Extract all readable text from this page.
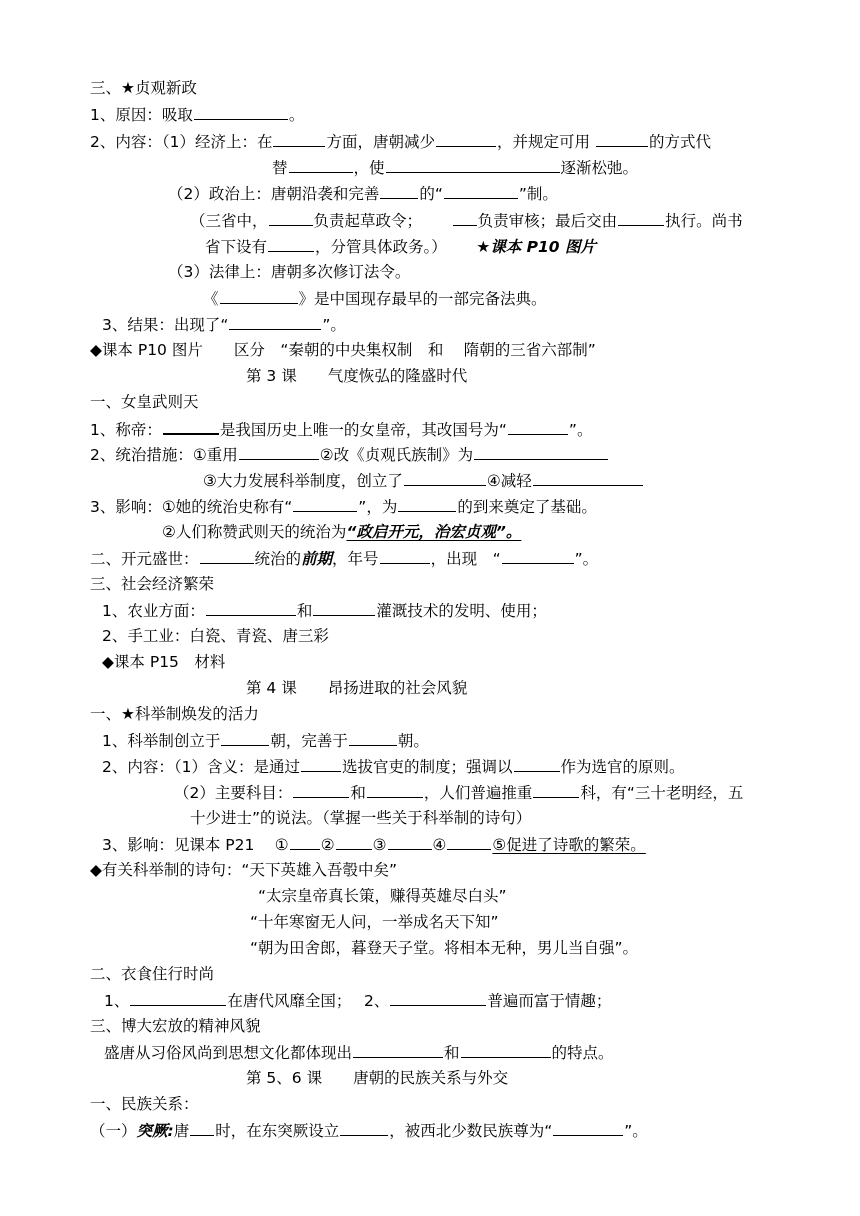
三、★贞观新政
1、原因：吸取	。
2、内容：（1）经济上：在	方面，唐朝减少	，并规定可用	的方式代
替	，使	逐渐松弛。
（2）政治上：唐朝沿袭和完善	的“	”制。
（三省中，	负责起草政令；	负责审核；最后交由	执行。尚书
省下设有	，分管具体政务。） ★课本 P10 图片
（3）法律上：唐朝多次修订法令。
《	》是中国现存最早的一部完备法典。
3、结果：出现了“	”。
◆课本 P10 图片　　区分　“秦朝的中央集权制　和　 隋朝的三省六部制”
第 3 课　　气度恢弘的隆盛时代
一、女皇武则天
1、称帝：	是我国历史上唯一的女皇帝，其改国号为“	”。
2、统治措施：①重用	②改《贞观氏族制》为
③大力发展科举制度，创立了	④减轻
3、影响：①她的统治史称有“	”，为	的到来奠定了基础。
②人们称赞武则天的统治为“政启开元，治宏贞观”。
二、开元盛世：	统治的前期，年号	，出现　“	”。
三、社会经济繁荣
1、农业方面：	和	灌溉技术的发明、使用；
2、手工业：白瓷、青瓷、唐三彩
◆课本 P15　材料
第 4 课　　昂扬进取的社会风貌
一、★科举制焕发的活力
1、科举制创立于	朝，完善于	朝。
2、内容：（1）含义：是通过	选拔官吏的制度；强调以	作为选官的原则。
（2）主要科目：	和	，人们普遍推重	科，有“三十老明经，五
十少进士”的说法。（掌握一些关于科举制的诗句）
3、影响：见课本 P21　 ① ② ③	④	⑤促进了诗歌的繁荣。
◆有关科举制的诗句：“天下英雄入吾彀中矣”
“太宗皇帝真长策，赚得英雄尽白头”
“十年寒窗无人问，一举成名天下知”
“朝为田舍郎，暮登天子堂。将相本无种，男儿当自强”。
二、衣食住行时尚
1、	在唐代风靡全国；　 2、	普遍而富于情趣；
三、博大宏放的精神风貌
盛唐从习俗风尚到思想文化都体现出	和	的特点。
第 5、6 课　　唐朝的民族关系与外交
一、民族关系：
（一）突厥:唐 时，在东突厥设立	，被西北少数民族尊为“	”。
